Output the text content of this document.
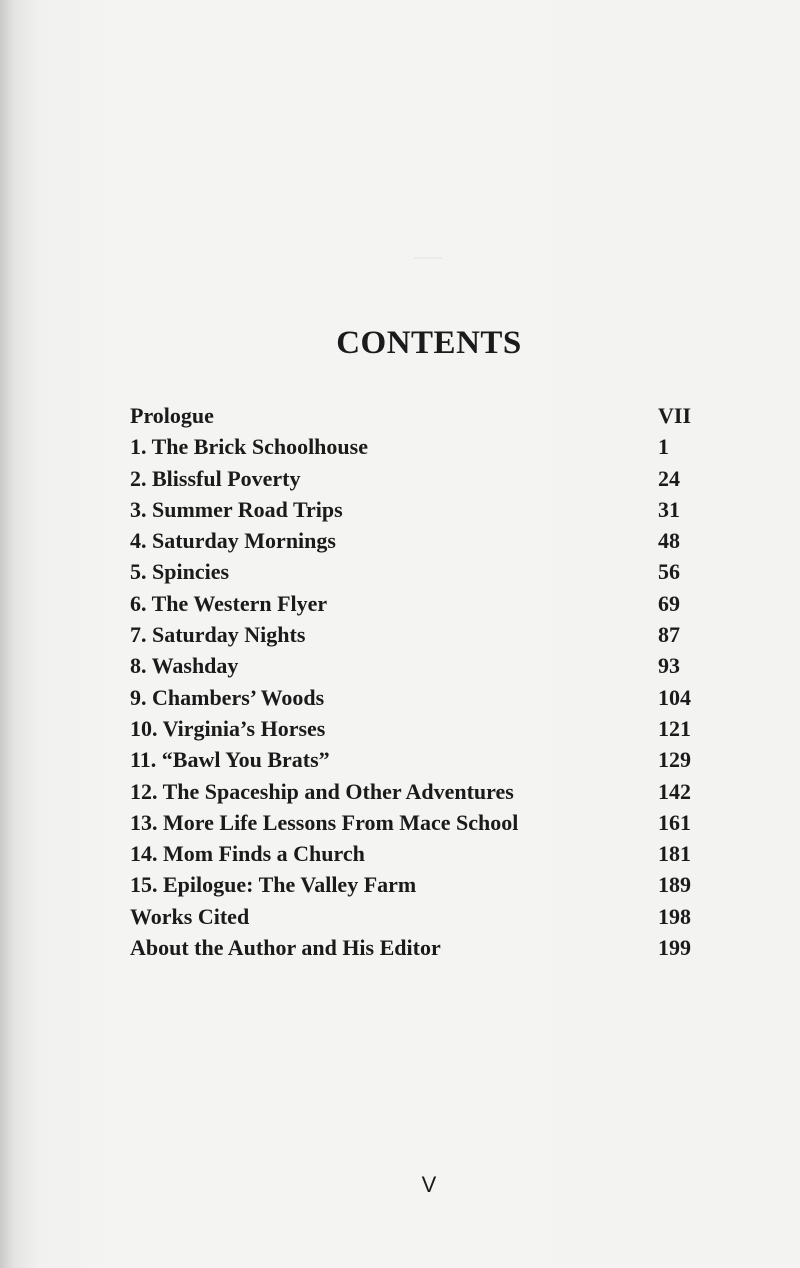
CONTENTS
Prologue	VII
1. The Brick Schoolhouse	1
2. Blissful Poverty	24
3. Summer Road Trips	31
4. Saturday Mornings	48
5. Spincies	56
6. The Western Flyer	69
7. Saturday Nights	87
8. Washday	93
9. Chambers’ Woods	104
10. Virginia’s Horses	121
11. “Bawl You Brats”	129
12. The Spaceship and Other Adventures	142
13. More Life Lessons From Mace School	161
14. Mom Finds a Church	181
15. Epilogue: The Valley Farm	189
Works Cited	198
About the Author and His Editor	199
V
